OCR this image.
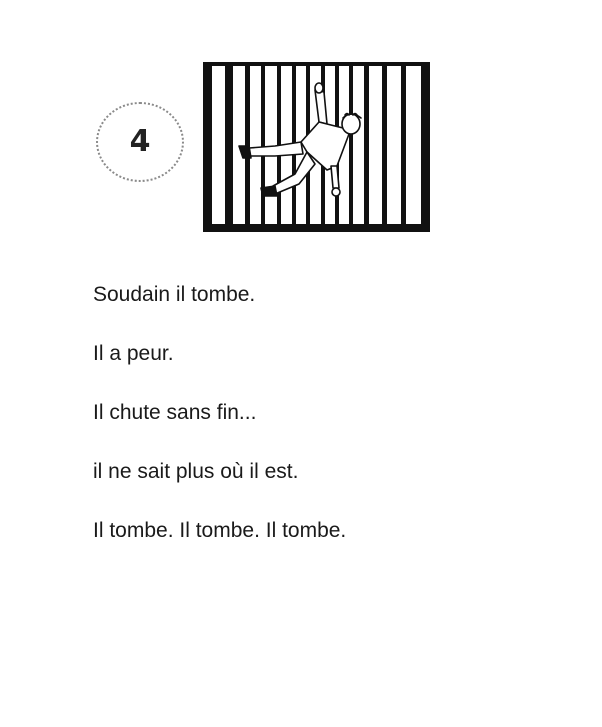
4
Soudain il tombe.
Il a peur.
Il chute sans fin...
il ne sait plus où il est.
Il tombe. Il tombe. Il tombe.
